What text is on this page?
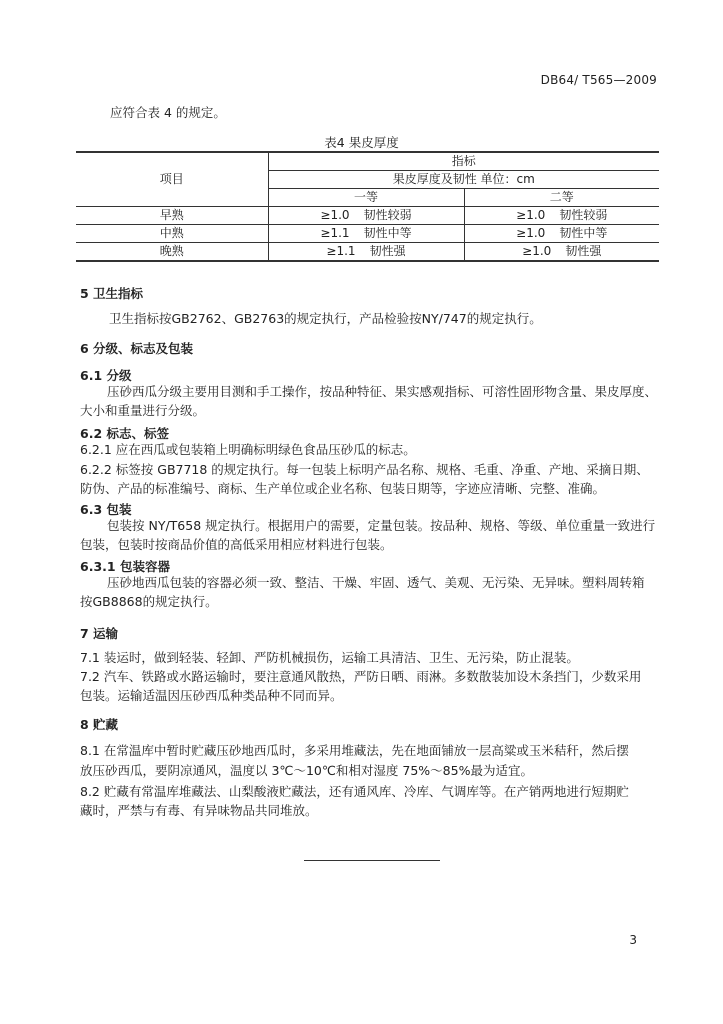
DB64/ T565—2009
应符合表 4 的规定。
表4 果皮厚度
项目	指标	
	果皮厚度及韧性 单位：cm	
	一等	二等
早熟	≥1.0 韧性较弱	≥1.0 韧性较弱
中熟	≥1.1 韧性中等	≥1.0 韧性中等
晚熟	≥1.1 韧性强	≥1.0 韧性强
5 卫生指标
卫生指标按GB2762、GB2763的规定执行，产品检验按NY/747的规定执行。
6 分级、标志及包装
6.1 分级
压砂西瓜分级主要用目测和手工操作，按品种特征、果实感观指标、可溶性固形物含量、果皮厚度、
大小和重量进行分级。
6.2 标志、标签
6.2.1 应在西瓜或包装箱上明确标明绿色食品压砂瓜的标志。
6.2.2 标签按 GB7718 的规定执行。每一包装上标明产品名称、规格、毛重、净重、产地、采摘日期、
防伪、产品的标准编号、商标、生产单位或企业名称、包装日期等，字迹应清晰、完整、准确。
6.3 包装
包装按 NY/T658 规定执行。根据用户的需要，定量包装。按品种、规格、等级、单位重量一致进行
包装，包装时按商品价值的高低采用相应材料进行包装。
6.3.1 包装容器
压砂地西瓜包装的容器必须一致、整洁、干燥、牢固、透气、美观、无污染、无异味。塑料周转箱
按GB8868的规定执行。
7 运输
7.1 装运时，做到轻装、轻卸、严防机械损伤，运输工具清洁、卫生、无污染，防止混装。
7.2 汽车、铁路或水路运输时，要注意通风散热，严防日晒、雨淋。多数散装加设木条挡门，少数采用
包装。运输适温因压砂西瓜种类品种不同而异。
8 贮藏
8.1 在常温库中暂时贮藏压砂地西瓜时，多采用堆藏法，先在地面铺放一层高粱或玉米秸秆，然后摆
放压砂西瓜，要阴凉通风，温度以 3℃～10℃和相对湿度 75%～85%最为适宜。
8.2 贮藏有常温库堆藏法、山梨酸液贮藏法，还有通风库、冷库、气调库等。在产销两地进行短期贮
藏时，严禁与有毒、有异味物品共同堆放。
3
